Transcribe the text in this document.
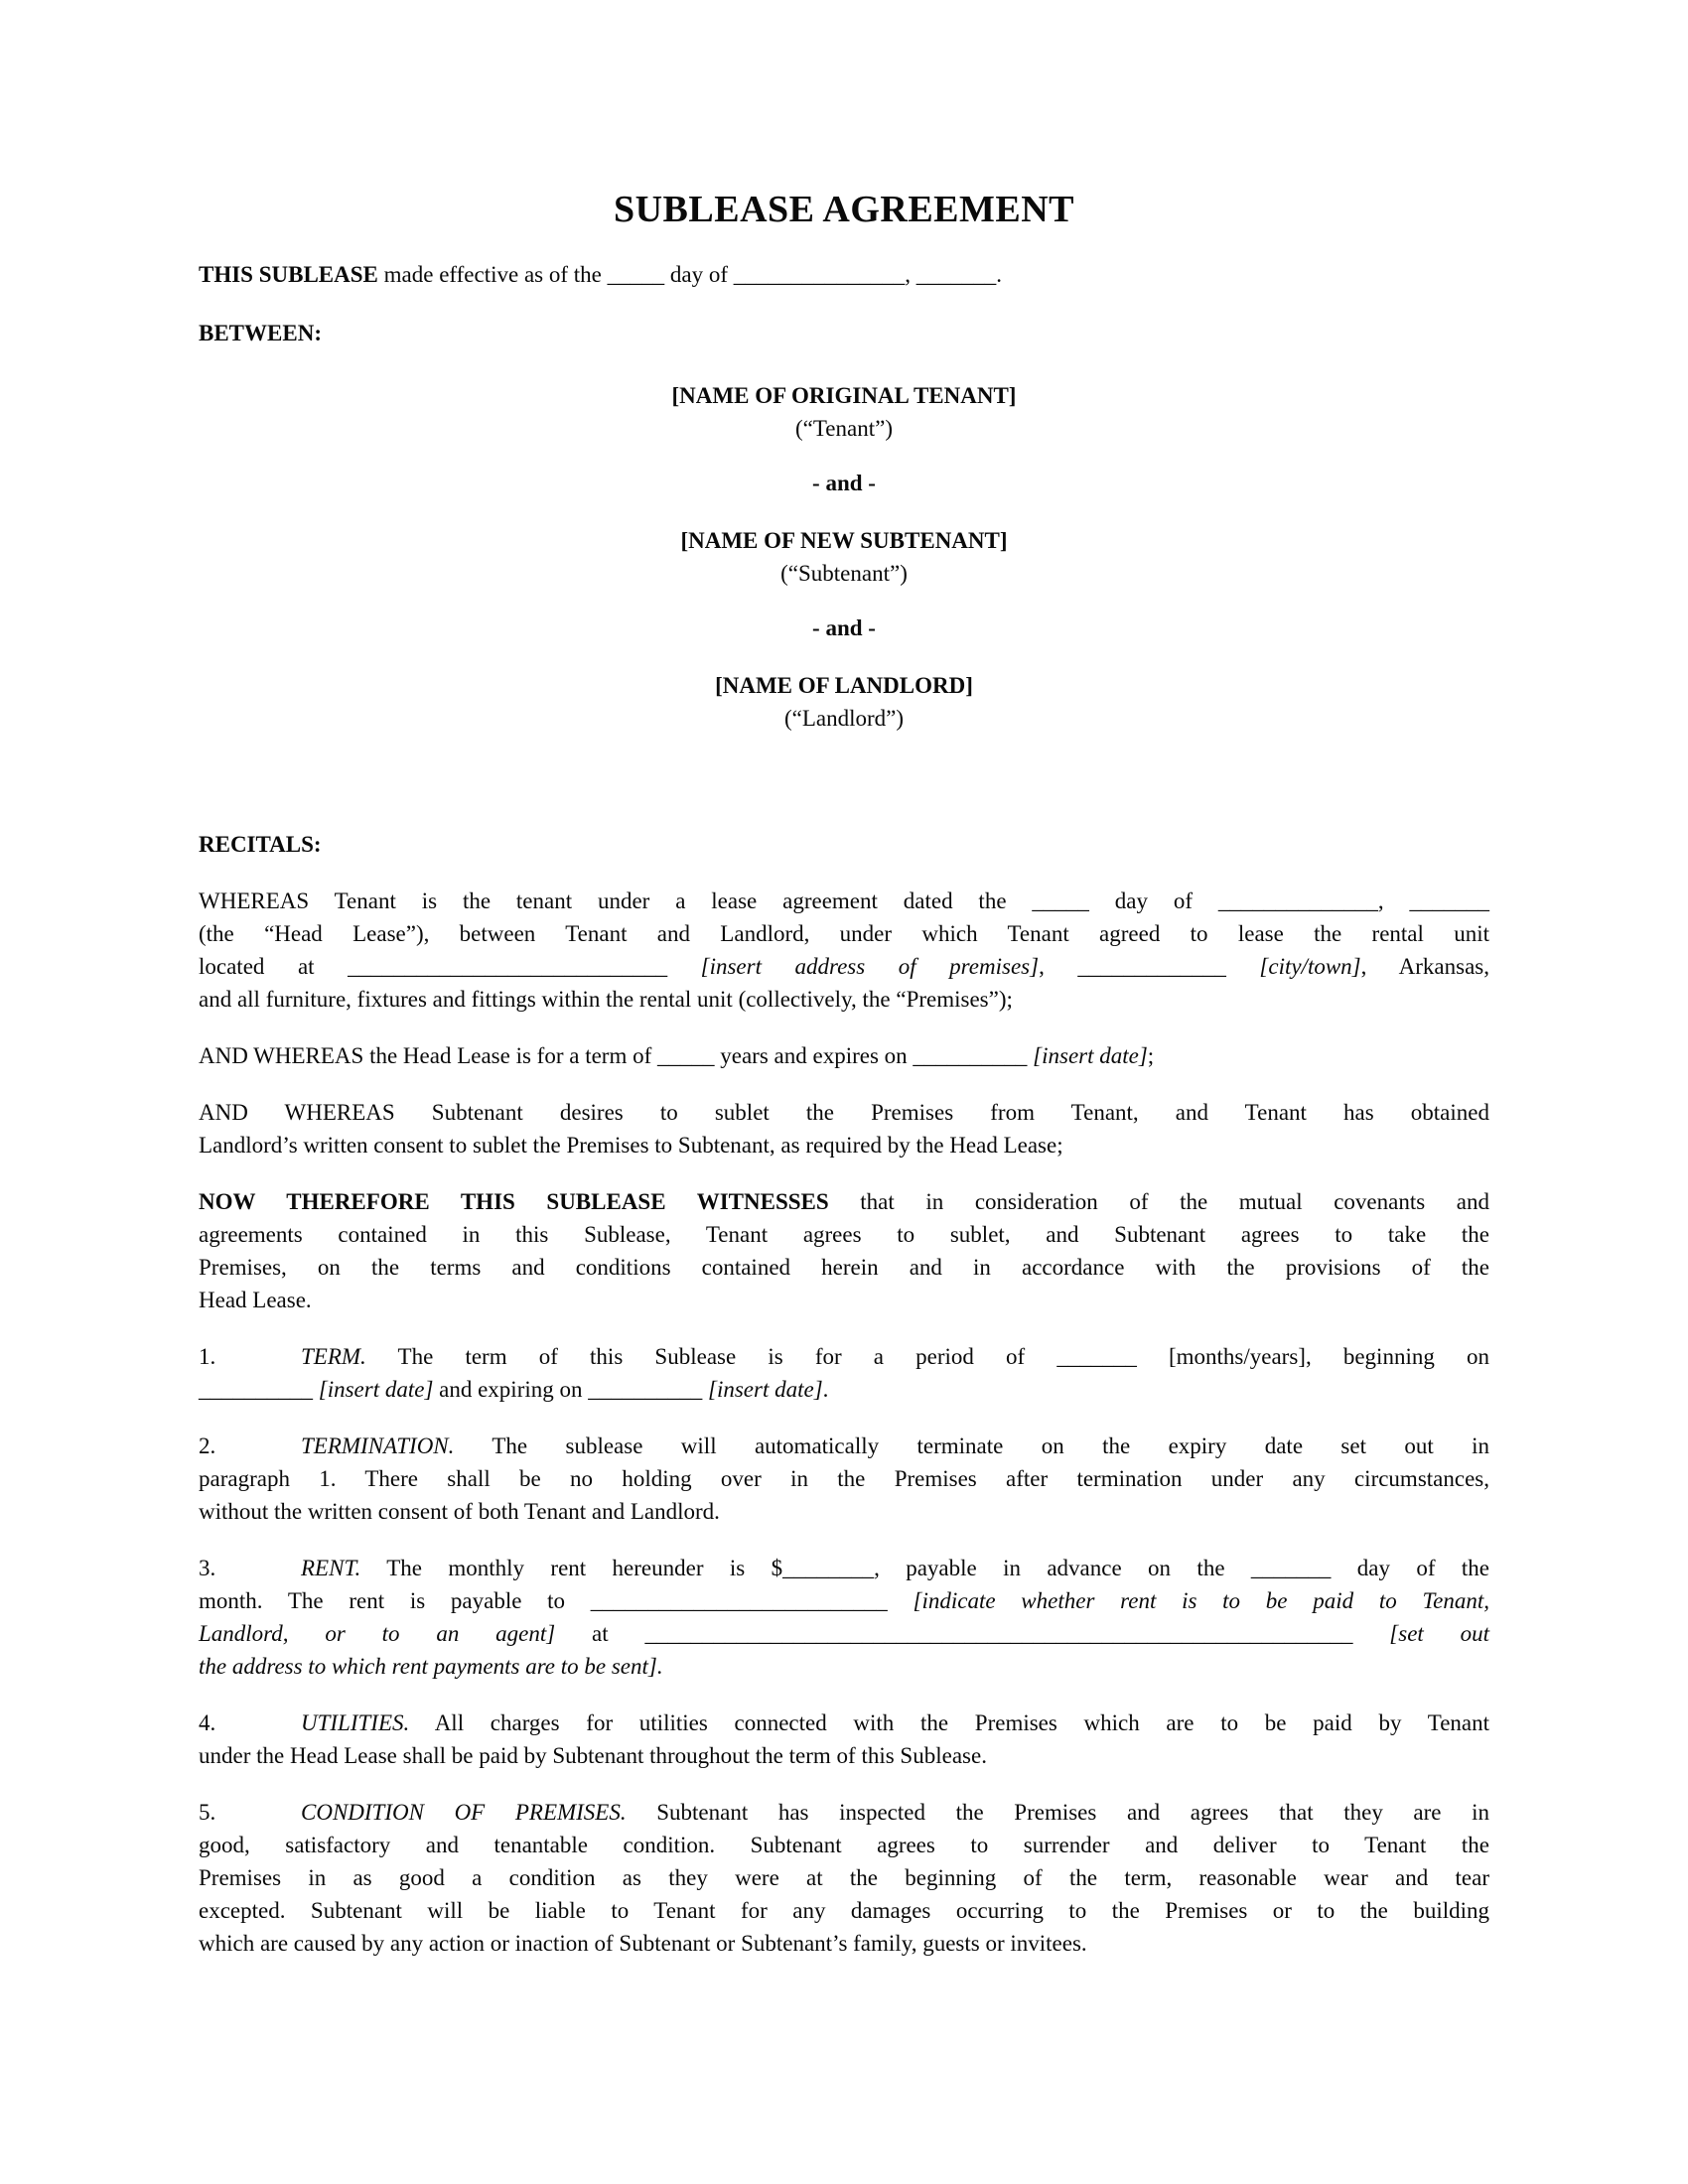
SUBLEASE AGREEMENT
THIS SUBLEASE made effective as of the _____ day of _______________, _______.
BETWEEN:
[NAME OF ORIGINAL TENANT]
(“Tenant”)
- and -
[NAME OF NEW SUBTENANT]
(“Subtenant”)
- and -
[NAME OF LANDLORD]
(“Landlord”)
RECITALS:
WHEREAS Tenant is the tenant under a lease agreement dated the _____ day of ______________, _______
(the “Head Lease”), between Tenant and Landlord, under which Tenant agreed to lease the rental unit
located at ____________________________ [insert address of premises], _____________ [city/town], Arkansas,
and all furniture, fixtures and fittings within the rental unit (collectively, the “Premises”);
AND WHEREAS the Head Lease is for a term of _____ years and expires on __________ [insert date];
AND WHEREAS Subtenant desires to sublet the Premises from Tenant, and Tenant has obtained
Landlord’s written consent to sublet the Premises to Subtenant, as required by the Head Lease;
NOW THEREFORE THIS SUBLEASE WITNESSES that in consideration of the mutual covenants and
agreements contained in this Sublease, Tenant agrees to sublet, and Subtenant agrees to take the
Premises, on the terms and conditions contained herein and in accordance with the provisions of the
Head Lease.
1.	TERM. The term of this Sublease is for a period of _______ [months/years], beginning on
__________ [insert date] and expiring on __________ [insert date].
2.	TERMINATION. The sublease will automatically terminate on the expiry date set out in
paragraph 1. There shall be no holding over in the Premises after termination under any circumstances,
without the written consent of both Tenant and Landlord.
3.	RENT. The monthly rent hereunder is $________, payable in advance on the _______ day of the
month. The rent is payable to __________________________ [indicate whether rent is to be paid to Tenant,
Landlord, or to an agent] at ______________________________________________________________ [set out
the address to which rent payments are to be sent].
4.	UTILITIES. All charges for utilities connected with the Premises which are to be paid by Tenant
under the Head Lease shall be paid by Subtenant throughout the term of this Sublease.
5.	CONDITION OF PREMISES. Subtenant has inspected the Premises and agrees that they are in
good, satisfactory and tenantable condition. Subtenant agrees to surrender and deliver to Tenant the
Premises in as good a condition as they were at the beginning of the term, reasonable wear and tear
excepted. Subtenant will be liable to Tenant for any damages occurring to the Premises or to the building
which are caused by any action or inaction of Subtenant or Subtenant’s family, guests or invitees.
